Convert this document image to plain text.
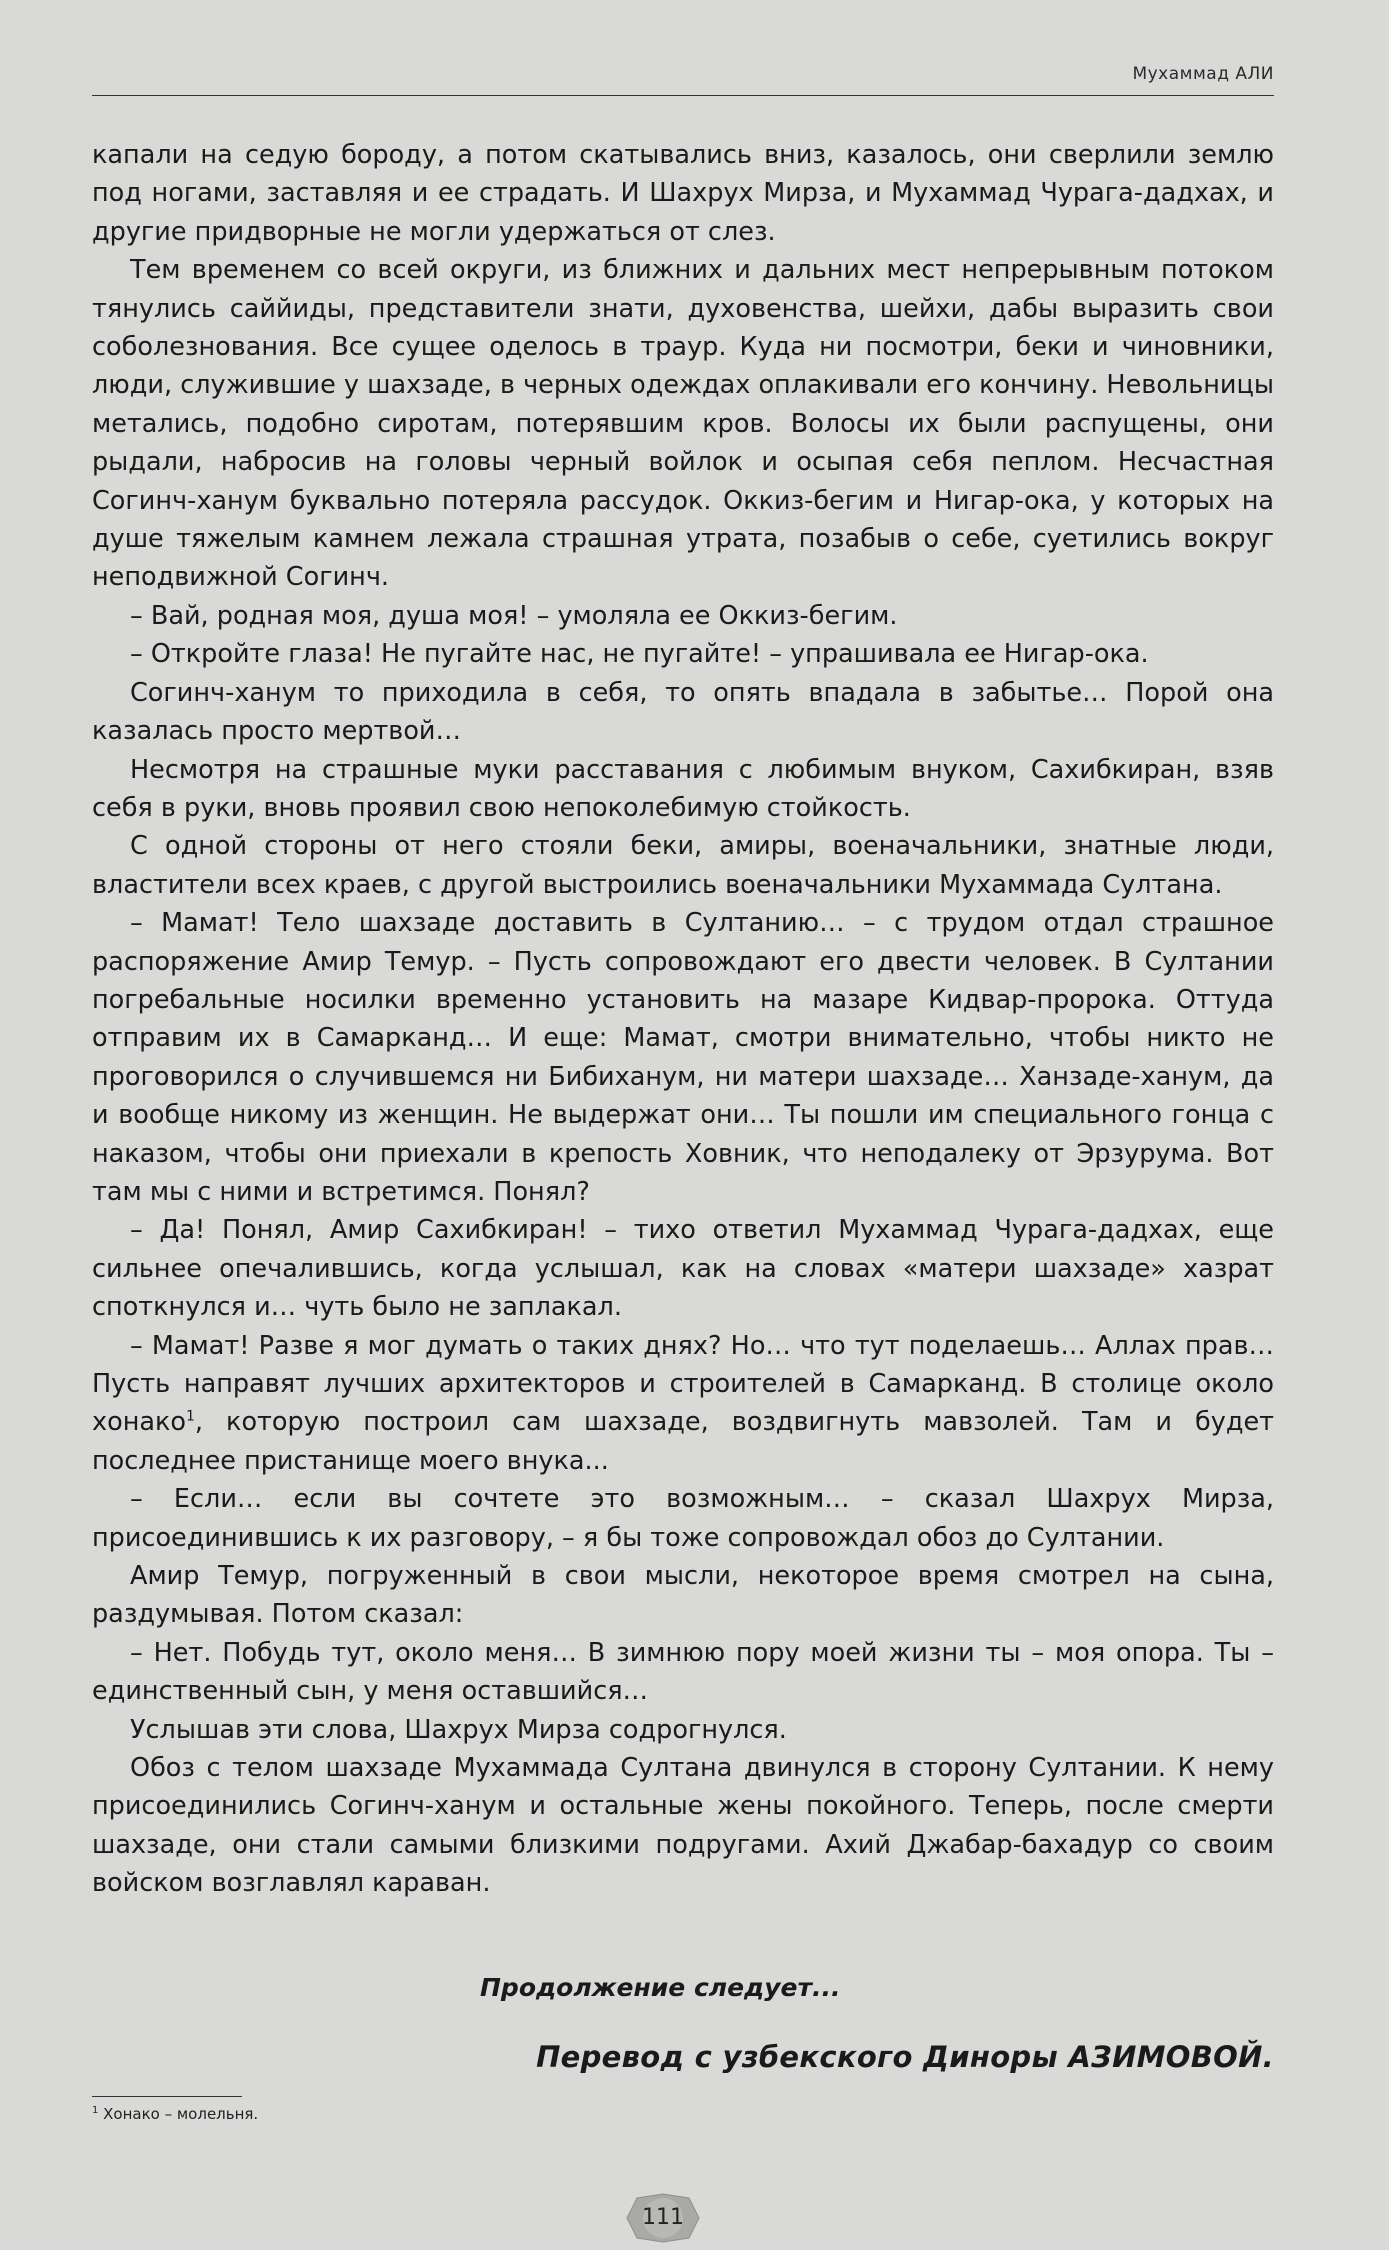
Мухаммад АЛИ

капали на седую бороду, а потом скатывались вниз, казалось, они сверлили землю под ногами, заставляя и ее страдать. И Шахрух Мирза, и Мухаммад Чурага-дадхах, и другие придворные не могли удержаться от слез.

Тем временем со всей округи, из ближних и дальних мест непрерывным потоком тянулись саййиды, представители знати, духовенства, шейхи, дабы выразить свои соболезнования. Все сущее оделось в траур. Куда ни посмотри, беки и чиновники, люди, служившие у шахзаде, в черных одеждах оплакивали его кончину. Невольницы метались, подобно сиротам, потерявшим кров. Волосы их были распущены, они рыдали, набросив на головы черный войлок и осыпая себя пеплом. Несчастная Согинч-ханум буквально потеряла рассудок. Оккиз-бегим и Нигар-ока, у которых на душе тяжелым камнем лежала страшная утрата, позабыв о себе, суетились вокруг неподвижной Согинч.

– Вай, родная моя, душа моя! – умоляла ее Оккиз-бегим.

– Откройте глаза! Не пугайте нас, не пугайте! – упрашивала ее Нигар-ока.

Согинч-ханум то приходила в себя, то опять впадала в забытье… Порой она казалась просто мертвой…

Несмотря на страшные муки расставания с любимым внуком, Сахибкиран, взяв себя в руки, вновь проявил свою непоколебимую стойкость.

С одной стороны от него стояли беки, амиры, военачальники, знатные люди, властители всех краев, с другой выстроились военачальники Мухаммада Султана.

– Мамат! Тело шахзаде доставить в Султанию… – с трудом отдал страшное распоряжение Амир Темур. – Пусть сопровождают его двести человек. В Султании погребальные носилки временно установить на мазаре Кидвар-пророка. Оттуда отправим их в Самарканд… И еще: Мамат, смотри внимательно, чтобы никто не проговорился о случившемся ни Бибиханум, ни матери шахзаде… Ханзаде-ханум, да и вообще никому из женщин. Не выдержат они… Ты пошли им специального гонца с наказом, чтобы они приехали в крепость Ховник, что неподалеку от Эрзурума. Вот там мы с ними и встретимся. Понял?

– Да! Понял, Амир Сахибкиран! – тихо ответил Мухаммад Чурага-дадхах, еще сильнее опечалившись, когда услышал, как на словах «матери шахзаде» хазрат споткнулся и… чуть было не заплакал.

– Мамат! Разве я мог думать о таких днях? Но… что тут поделаешь… Аллах прав… Пусть направят лучших архитекторов и строителей в Самарканд. В столице около хонако$^1$, которую построил сам шахзаде, воздвигнуть мавзолей. Там и будет последнее пристанище моего внука...

– Если… если вы сочтете это возможным… – сказал Шахрух Мирза, присоединившись к их разговору, – я бы тоже сопровождал обоз до Султании.

Амир Темур, погруженный в свои мысли, некоторое время смотрел на сына, раздумывая. Потом сказал:

– Нет. Побудь тут, около меня… В зимнюю пору моей жизни ты – моя опора. Ты – единственный сын, у меня оставшийся…

Услышав эти слова, Шахрух Мирза содрогнулся.

Обоз с телом шахзаде Мухаммада Султана двинулся в сторону Султании. К нему присоединились Согинч-ханум и остальные жены покойного. Теперь, после смерти шахзаде, они стали самыми близкими подругами. Ахий Джабар-бахадур со своим войском возглавлял караван.

Продолжение следует...
Перевод с узбекского Диноры АЗИМОВОЙ.
$^1$ Хонако – молельня.
111
